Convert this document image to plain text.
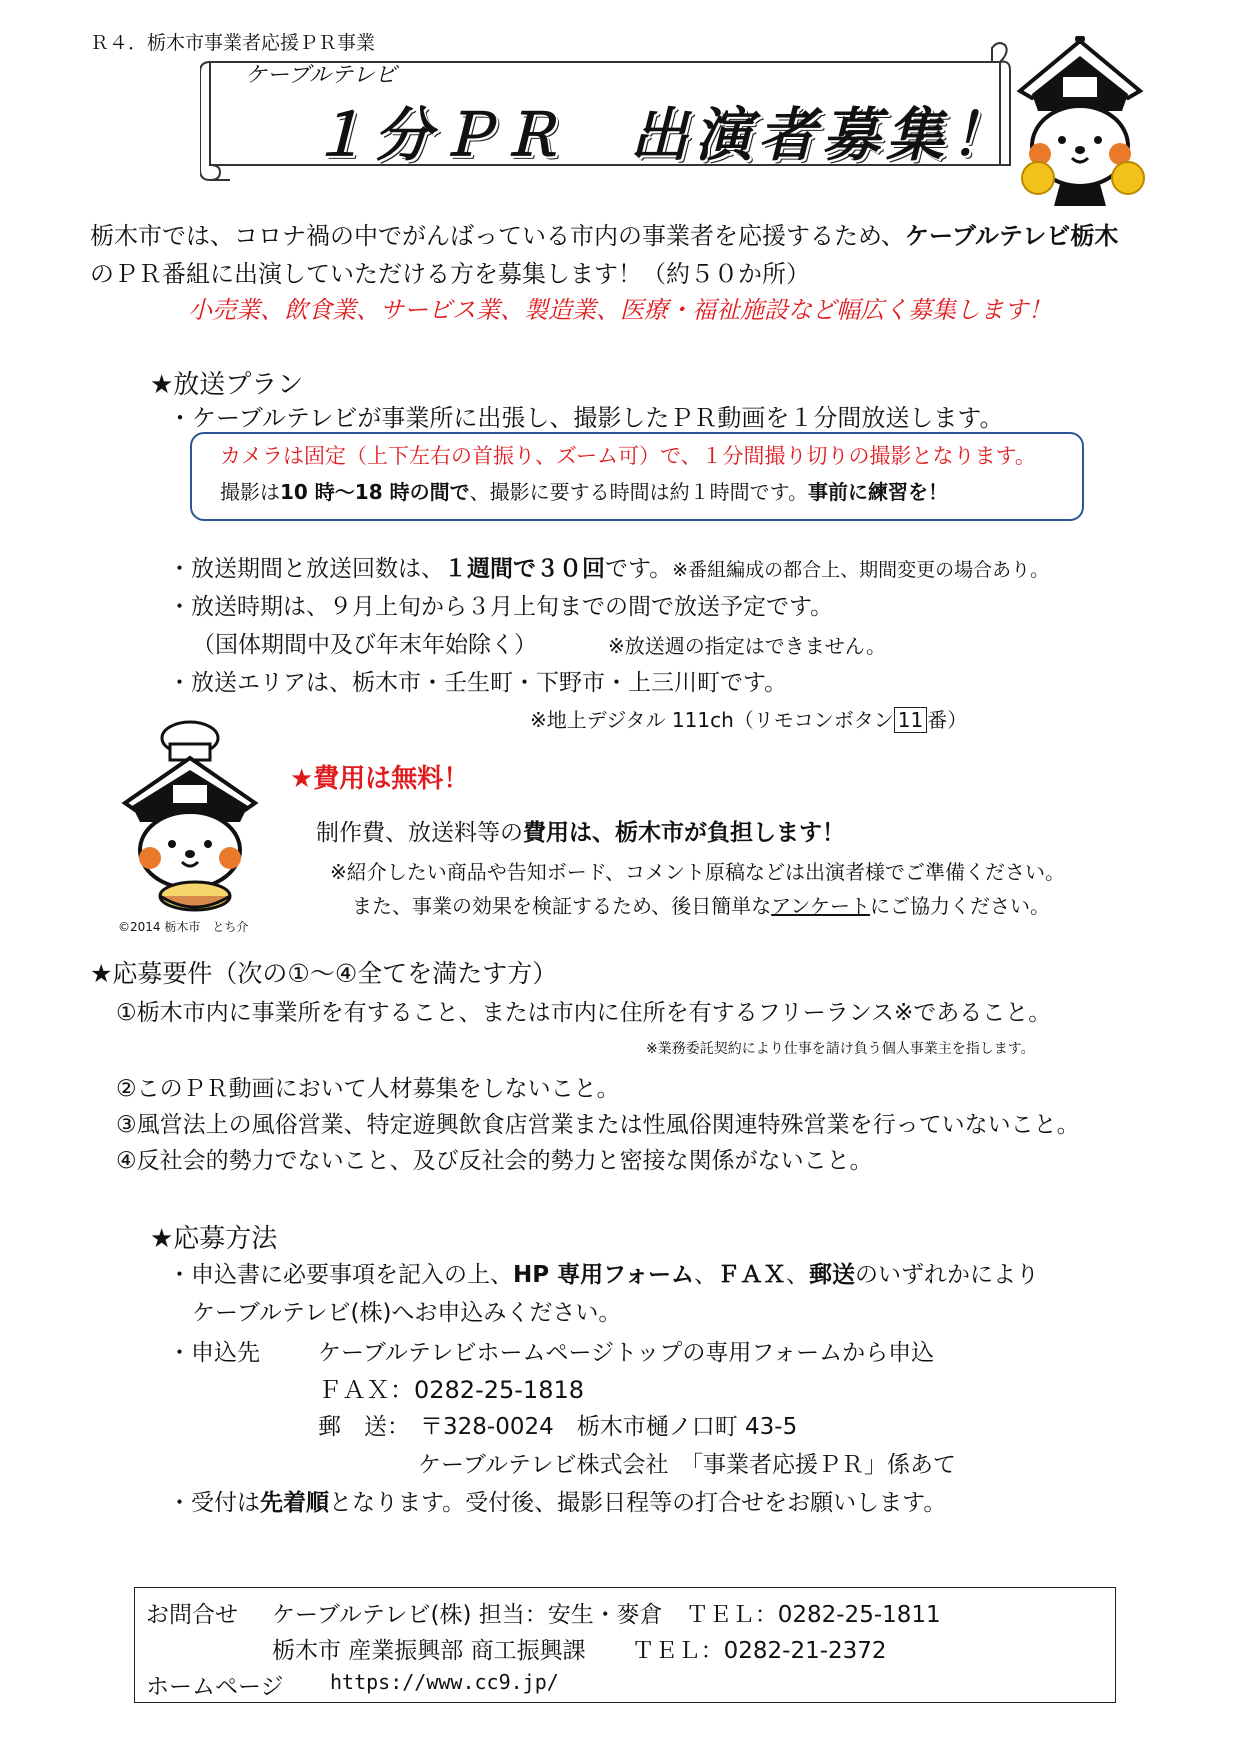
Ｒ４．栃木市事業者応援ＰＲ事業
ケーブルテレビ
１分ＰＲ　出演者募集！
栃木市では、コロナ禍の中でがんばっている市内の事業者を応援するため、ケーブルテレビ栃木
のＰＲ番組に出演していただける方を募集します！（約５０か所）
小売業、飲食業、サービス業、製造業、医療・福祉施設など幅広く募集します！
★放送プラン
・ケーブルテレビが事業所に出張し、撮影したＰＲ動画を１分間放送します。
カメラは固定（上下左右の首振り、ズーム可）で、１分間撮り切りの撮影となります。
撮影は10 時～18 時の間で、撮影に要する時間は約１時間です。事前に練習を！
・放送期間と放送回数は、１週間で３０回です。※番組編成の都合上、期間変更の場合あり。
・放送時期は、９月上旬から３月上旬までの間で放送予定です。
（国体期間中及び年末年始除く）	※放送週の指定はできません。
・放送エリアは、栃木市・壬生町・下野市・上三川町です。
※地上デジタル 111ch（リモコンボタン 11 番）
©2014 栃木市　とち介
★費用は無料！
制作費、放送料等の費用は、栃木市が負担します！
※紹介したい商品や告知ボード、コメント原稿などは出演者様でご準備ください。
また、事業の効果を検証するため、後日簡単なアンケートにご協力ください。
★応募要件（次の①～④全てを満たす方）
①栃木市内に事業所を有すること、または市内に住所を有するフリーランス※であること。
※業務委託契約により仕事を請け負う個人事業主を指します。
②このＰＲ動画において人材募集をしないこと。
③風営法上の風俗営業、特定遊興飲食店営業または性風俗関連特殊営業を行っていないこと。
④反社会的勢力でないこと、及び反社会的勢力と密接な関係がないこと。
★応募方法
・申込書に必要事項を記入の上、HP 専用フォーム、ＦＡＸ、郵送のいずれかにより
ケーブルテレビ(株)へお申込みください。
・申込先	ケーブルテレビホームページトップの専用フォームから申込
ＦＡＸ：0282-25-1818
郵　送： 〒328-0024　栃木市樋ノ口町 43-5
ケーブルテレビ株式会社　「事業者応援ＰＲ」係あて
・受付は先着順となります。受付後、撮影日程等の打合せをお願いします。
お問合せ ケーブルテレビ(株) 担当：安生・麥倉　ＴＥＬ：0282-25-1811
栃木市 産業振興部 商工振興課　　ＴＥＬ：0282-21-2372
ホームページ https://www.cc9.jp/
